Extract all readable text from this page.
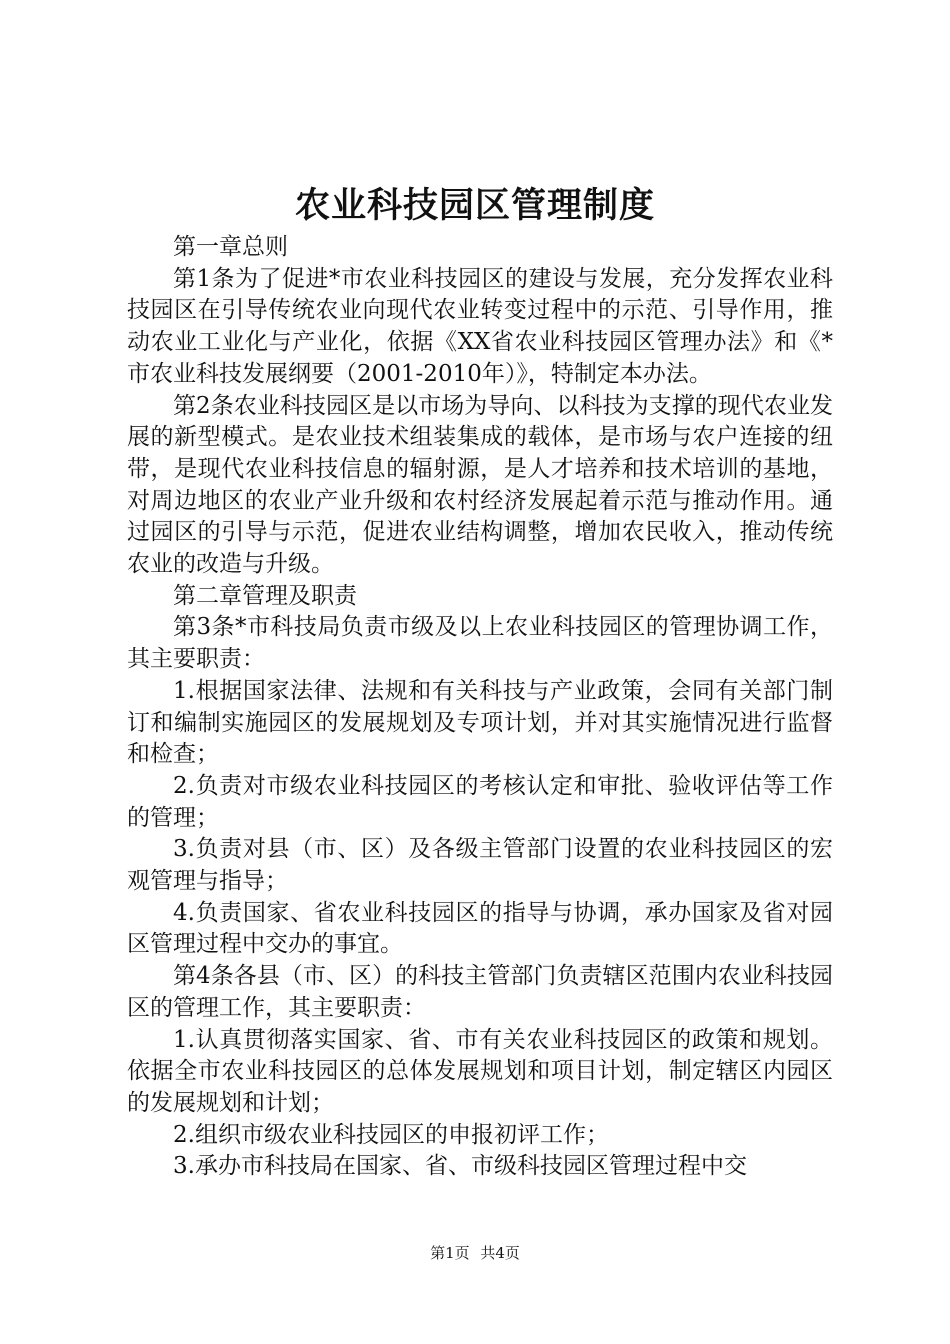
农业科技园区管理制度

第一章总则

第1条为了促进*市农业科技园区的建设与发展，充分发挥农业科技园区在引导传统农业向现代农业转变过程中的示范、引导作用，推动农业工业化与产业化，依据《XX省农业科技园区管理办法》和《*市农业科技发展纲要（2001-2010年）》，特制定本办法。

第2条农业科技园区是以市场为导向、以科技为支撑的现代农业发展的新型模式。是农业技术组装集成的载体，是市场与农户连接的纽带，是现代农业科技信息的辐射源，是人才培养和技术培训的基地，对周边地区的农业产业升级和农村经济发展起着示范与推动作用。通过园区的引导与示范，促进农业结构调整，增加农民收入，推动传统农业的改造与升级。

第二章管理及职责

第3条*市科技局负责市级及以上农业科技园区的管理协调工作，其主要职责：

1.根据国家法律、法规和有关科技与产业政策，会同有关部门制订和编制实施园区的发展规划及专项计划，并对其实施情况进行监督和检查；

2.负责对市级农业科技园区的考核认定和审批、验收评估等工作的管理；

3.负责对县（市、区）及各级主管部门设置的农业科技园区的宏观管理与指导；

4.负责国家、省农业科技园区的指导与协调，承办国家及省对园区管理过程中交办的事宜。

第4条各县（市、区）的科技主管部门负责辖区范围内农业科技园区的管理工作，其主要职责：

1.认真贯彻落实国家、省、市有关农业科技园区的政策和规划。依据全市农业科技园区的总体发展规划和项目计划，制定辖区内园区的发展规划和计划；

2.组织市级农业科技园区的申报初评工作；

3.承办市科技局在国家、省、市级科技园区管理过程中交

第1页 共4页
